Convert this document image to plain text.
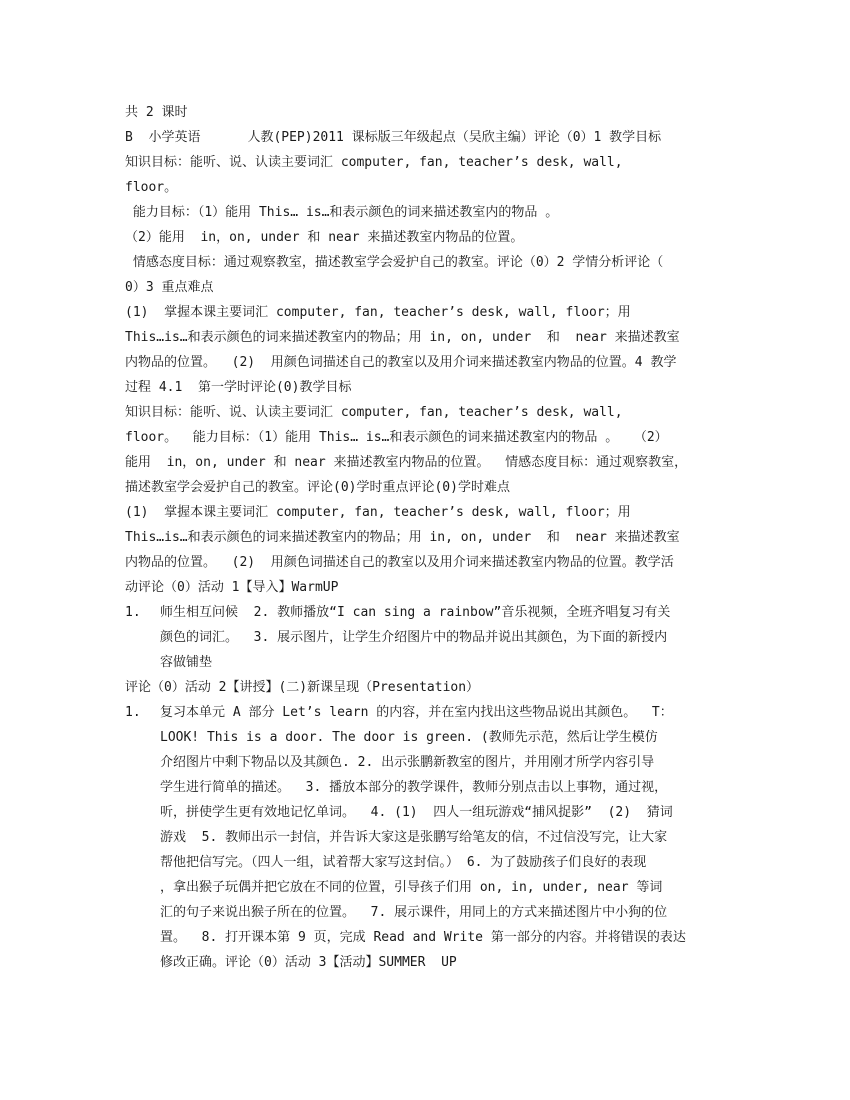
共 2 课时
B  小学英语      人教(PEP)2011 课标版三年级起点（吴欣主编）评论（0）1 教学目标
知识目标：能听、说、认读主要词汇 computer, fan, teacher’s desk, wall,
floor。
能力目标：（1）能用 This… is…和表示颜色的词来描述教室内的物品 。
（2）能用  in，on, under 和 near 来描述教室内物品的位置。
情感态度目标：通过观察教室，描述教室学会爱护自己的教室。评论（0）2 学情分析评论（
0）3 重点难点
(1)  掌握本课主要词汇 computer, fan, teacher’s desk, wall, floor；用
This…is…和表示颜色的词来描述教室内的物品；用 in, on, under  和  near 来描述教室
内物品的位置。  (2)  用颜色词描述自己的教室以及用介词来描述教室内物品的位置。4 教学
过程 4.1  第一学时评论(0)教学目标
知识目标：能听、说、认读主要词汇 computer, fan, teacher’s desk, wall,
floor。  能力目标：（1）能用 This… is…和表示颜色的词来描述教室内的物品 。  （2）
能用  in，on, under 和 near 来描述教室内物品的位置。  情感态度目标：通过观察教室，
描述教室学会爱护自己的教室。评论(0)学时重点评论(0)学时难点
(1)  掌握本课主要词汇 computer, fan, teacher’s desk, wall, floor；用
This…is…和表示颜色的词来描述教室内的物品；用 in, on, under  和  near 来描述教室
内物品的位置。  (2)  用颜色词描述自己的教室以及用介词来描述教室内物品的位置。教学活
动评论（0）活动 1【导入】WarmUP
1. 师生相互问候  2. 教师播放“I can sing a rainbow”音乐视频，全班齐唱复习有关
颜色的词汇。  3. 展示图片，让学生介绍图片中的物品并说出其颜色，为下面的新授内
容做铺垫
评论（0）活动 2【讲授】(二)新课呈现（Presentation）
1. 复习本单元 A 部分 Let’s learn 的内容，并在室内找出这些物品说出其颜色。  T：
LOOK! This is a door. The door is green. (教师先示范，然后让学生模仿
介绍图片中剩下物品以及其颜色. 2. 出示张鹏新教室的图片，并用刚才所学内容引导
学生进行简单的描述。  3. 播放本部分的教学课件，教师分别点击以上事物，通过视，
听，拼使学生更有效地记忆单词。  4. (1)  四人一组玩游戏“捕风捉影”  (2)  猜词
游戏  5. 教师出示一封信，并告诉大家这是张鹏写给笔友的信，不过信没写完，让大家
帮他把信写完。（四人一组，试着帮大家写这封信。） 6. 为了鼓励孩子们良好的表现
，拿出猴子玩偶并把它放在不同的位置，引导孩子们用 on, in, under, near 等词
汇的句子来说出猴子所在的位置。  7. 展示课件，用同上的方式来描述图片中小狗的位
置。  8. 打开课本第 9 页，完成 Read and Write 第一部分的内容。并将错误的表达
修改正确。评论（0）活动 3【活动】SUMMER  UP
